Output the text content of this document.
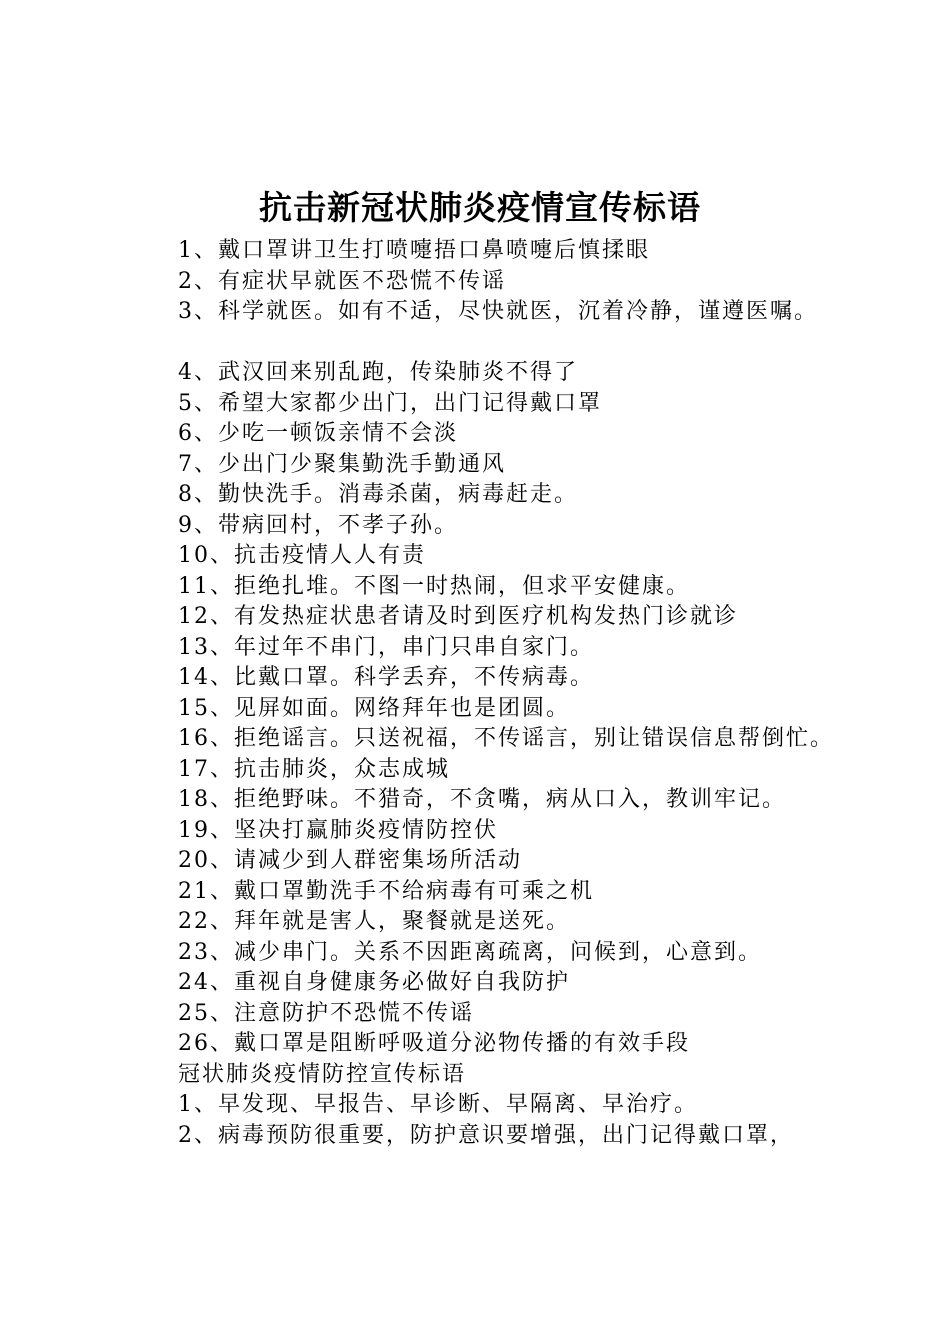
抗击新冠状肺炎疫情宣传标语

1、戴口罩讲卫生打喷嚏捂口鼻喷嚏后慎揉眼

2、有症状早就医不恐慌不传谣

3、科学就医。如有不适，尽快就医，沉着冷静，谨遵医嘱。

4、武汉回来别乱跑，传染肺炎不得了

5、希望大家都少出门，出门记得戴口罩

6、少吃一顿饭亲情不会淡

7、少出门少聚集勤洗手勤通风

8、勤快洗手。消毒杀菌，病毒赶走。

9、带病回村，不孝子孙。

10、抗击疫情人人有责

11、拒绝扎堆。不图一时热闹，但求平安健康。

12、有发热症状患者请及时到医疗机构发热门诊就诊

13、年过年不串门，串门只串自家门。

14、比戴口罩。科学丢弃，不传病毒。

15、见屏如面。网络拜年也是团圆。

16、拒绝谣言。只送祝福，不传谣言，别让错误信息帮倒忙。

17、抗击肺炎，众志成城

18、拒绝野味。不猎奇，不贪嘴，病从口入，教训牢记。

19、坚决打赢肺炎疫情防控伏

20、请减少到人群密集场所活动

21、戴口罩勤洗手不给病毒有可乘之机

22、拜年就是害人，聚餐就是送死。

23、减少串门。关系不因距离疏离，问候到，心意到。

24、重视自身健康务必做好自我防护

25、注意防护不恐慌不传谣

26、戴口罩是阻断呼吸道分泌物传播的有效手段

冠状肺炎疫情防控宣传标语

1、早发现、早报告、早诊断、早隔离、早治疗。

2、病毒预防很重要，防护意识要增强，出门记得戴口罩，
